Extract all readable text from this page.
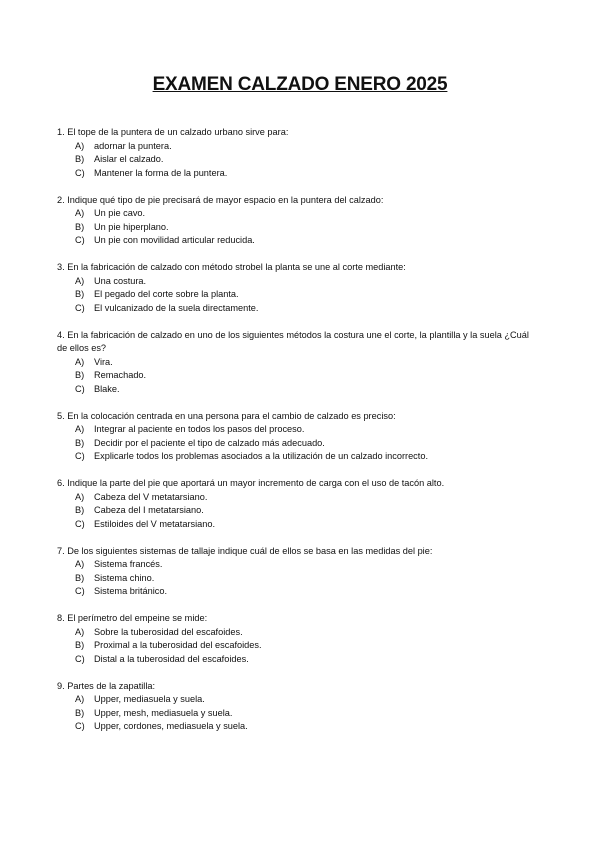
EXAMEN CALZADO ENERO 2025
1. El tope de la puntera de un calzado urbano sirve para:
A)	adornar la puntera.
B)	Aislar el calzado.
C)	Mantener la forma de la puntera.
2. Indique qué tipo de pie precisará de mayor espacio en la puntera del calzado:
A)	Un pie cavo.
B)	Un pie hiperplano.
C)	Un pie con movilidad articular reducida.
3. En la fabricación de calzado con método strobel la planta se une al corte mediante:
A)	Una costura.
B)	El pegado del corte sobre la planta.
C)	El vulcanizado de la suela directamente.
4. En la fabricación de calzado en uno de los siguientes métodos la costura une el corte, la plantilla y la suela ¿Cuál de ellos es?
A)	Vira.
B)	Remachado.
C)	Blake.
5. En la colocación centrada en una persona para el cambio de calzado es preciso:
A)	Integrar al paciente en todos los pasos del proceso.
B)	Decidir por el paciente el tipo de calzado más adecuado.
C)	Explicarle todos los problemas asociados a la utilización de un calzado incorrecto.
6. Indique la parte del pie que aportará un mayor incremento de carga con el uso de tacón alto.
A)	Cabeza del V metatarsiano.
B)	Cabeza del I metatarsiano.
C)	Estiloides del V metatarsiano.
7. De los siguientes sistemas de tallaje indique cuál de ellos se basa en las medidas del pie:
A)	Sistema francés.
B)	Sistema chino.
C)	Sistema británico.
8. El perímetro del empeine se mide:
A)	Sobre la tuberosidad del escafoides.
B)	Proximal a la tuberosidad del escafoides.
C)	Distal a la tuberosidad del escafoides.
9. Partes de la zapatilla:
A)	Upper, mediasuela y suela.
B)	Upper, mesh, mediasuela y suela.
C)	Upper, cordones, mediasuela y suela.
